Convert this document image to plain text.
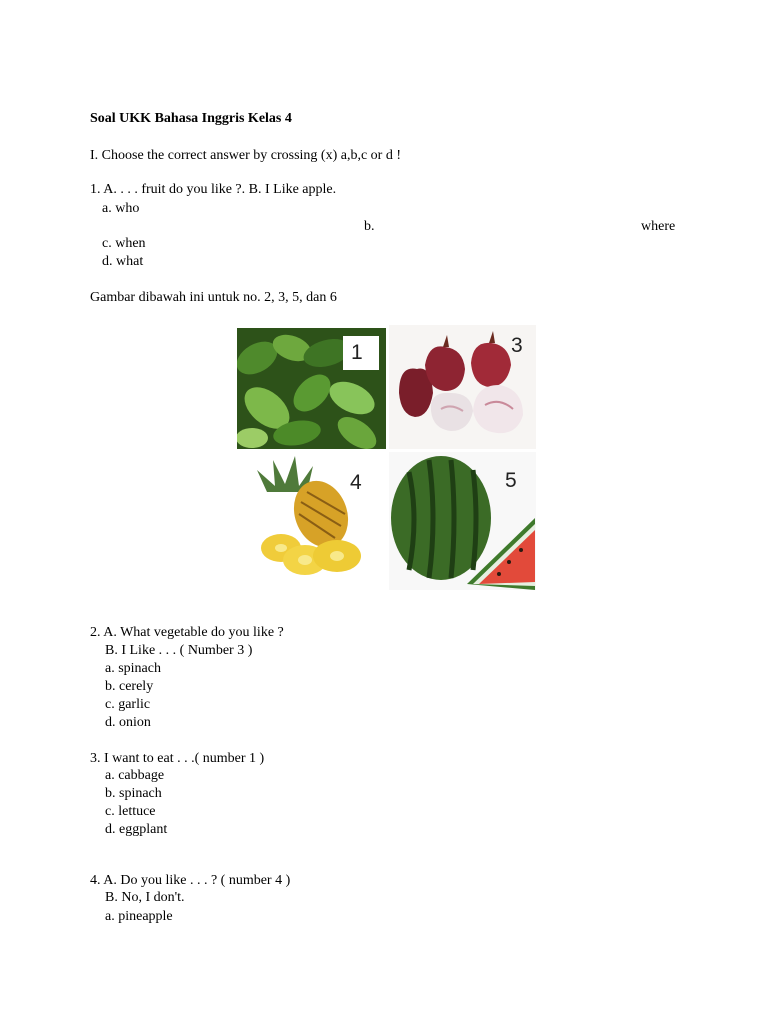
Soal UKK Bahasa Inggris Kelas 4
I. Choose the correct answer by crossing (x) a,b,c or d !
1. A. . . . fruit do you like ?. B. I Like apple.
a. who
b.	where
c. when
d. what
Gambar dibawah ini untuk no. 2, 3, 5, dan 6
1	3
4	5
2. A. What vegetable do you like ?
B. I Like . . . ( Number 3 )
a. spinach
b. cerely
c. garlic
d. onion
3. I want to eat . . .( number 1 )
a. cabbage
b. spinach
c. lettuce
d. eggplant
4. A. Do you like . . . ? ( number 4 )
B. No, I don't.
a. pineapple
